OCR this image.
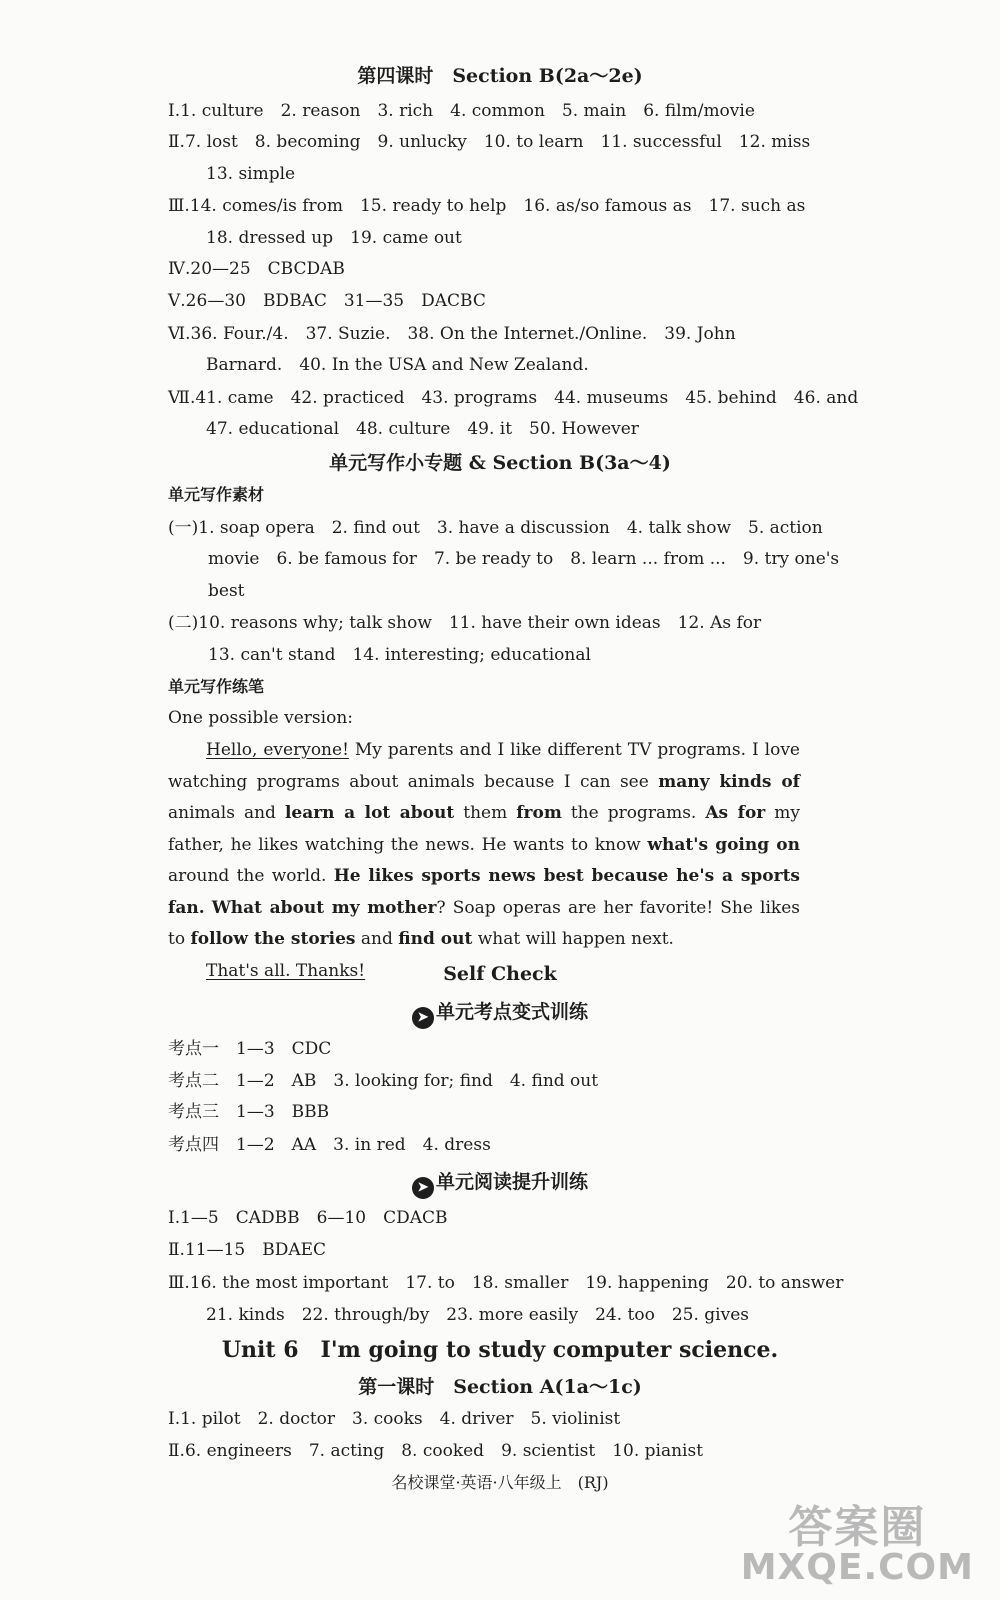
第四课时　Section B(2a～2e)
Ⅰ.1. culture　2. reason　3. rich　4. common　5. main　6. film/movie
Ⅱ.7. lost　8. becoming　9. unlucky　10. to learn　11. successful　12. miss
13. simple
Ⅲ.14. comes/is from　15. ready to help　16. as/so famous as　17. such as
18. dressed up　19. came out
Ⅳ.20—25　CBCDAB
Ⅴ.26—30　BDBAC　31—35　DACBC
Ⅵ.36. Four./4.　37. Suzie.　38. On the Internet./Online.　39. John
Barnard.　40. In the USA and New Zealand.
Ⅶ.41. came　42. practiced　43. programs　44. museums　45. behind　46. and
47. educational　48. culture　49. it　50. However
单元写作小专题 & Section B(3a～4)
单元写作素材
(一)1. soap opera　2. find out　3. have a discussion　4. talk show　5. action
movie　6. be famous for　7. be ready to　8. learn ... from ...　9. try one's
best
(二)10. reasons why; talk show　11. have their own ideas　12. As for
13. can't stand　14. interesting; educational
单元写作练笔
One possible version:

Hello, everyone! My parents and I like different TV programs. I love watching programs about animals because I can see many kinds of animals and learn a lot about them from the programs. As for my father, he likes watching the news. He wants to know what's going on around the world. He likes sports news best because he's a sports fan. What about my mother? Soap operas are her favorite! She likes to follow the stories and find out what will happen next.

That's all. Thanks!	Self Check
➤ 单元考点变式训练
考点一　1—3　CDC
考点二　1—2　AB　3. looking for; find　4. find out
考点三　1—3　BBB
考点四　1—2　AA　3. in red　4. dress
➤ 单元阅读提升训练
Ⅰ.1—5　CADBB　6—10　CDACB
Ⅱ.11—15　BDAEC
Ⅲ.16. the most important　17. to　18. smaller　19. happening　20. to answer
21. kinds　22. through/by　23. more easily　24. too　25. gives
Unit 6　I'm going to study computer science.
第一课时　Section A(1a～1c)
Ⅰ.1. pilot　2. doctor　3. cooks　4. driver　5. violinist
Ⅱ.6. engineers　7. acting　8. cooked　9. scientist　10. pianist
名校课堂·英语·八年级上　(RJ)
答案圈
MXQE.COM
